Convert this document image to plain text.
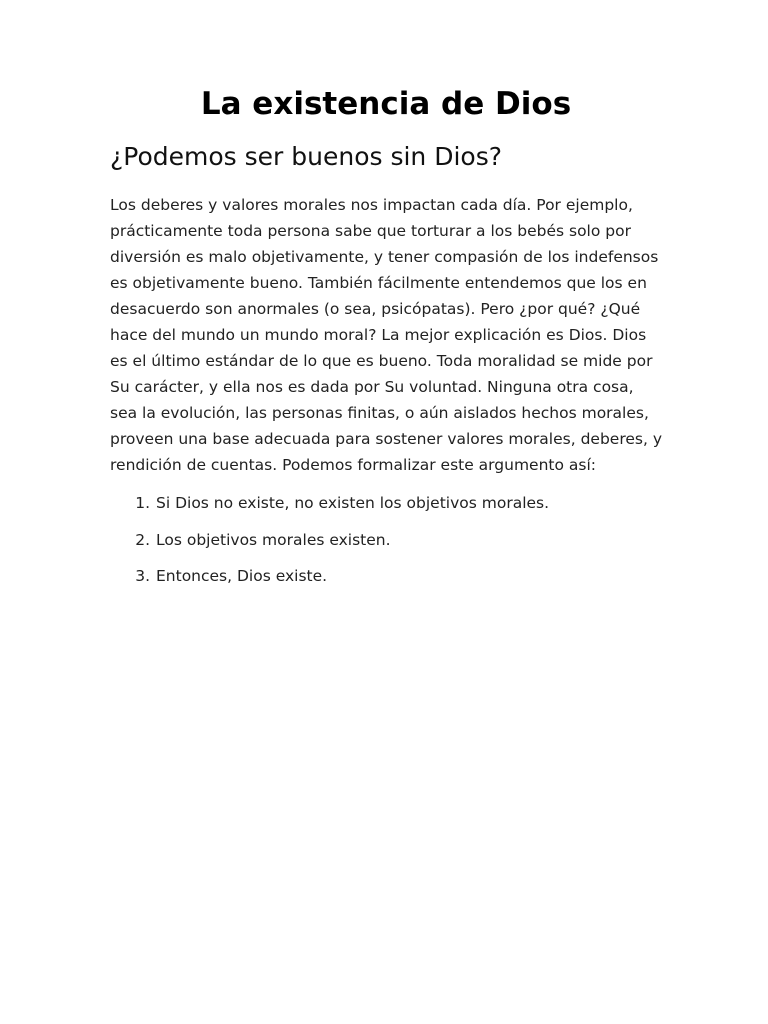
La existencia de Dios
¿Podemos ser buenos sin Dios?

Los deberes y valores morales nos impactan cada día. Por ejemplo, prácticamente toda persona sabe que torturar a los bebés solo por diversión es malo objetivamente, y tener compasión de los indefensos es objetivamente bueno. También fácilmente entendemos que los en desacuerdo son anormales (o sea, psicópatas). Pero ¿por qué? ¿Qué hace del mundo un mundo moral? La mejor explicación es Dios. Dios es el último estándar de lo que es bueno. Toda moralidad se mide por Su carácter, y ella nos es dada por Su voluntad. Ninguna otra cosa, sea la evolución, las personas finitas, o aún aislados hechos morales, proveen una base adecuada para sostener valores morales, deberes, y rendición de cuentas. Podemos formalizar este argumento así:

1. Si Dios no existe, no existen los objetivos morales.
2. Los objetivos morales existen.
3. Entonces, Dios existe.
